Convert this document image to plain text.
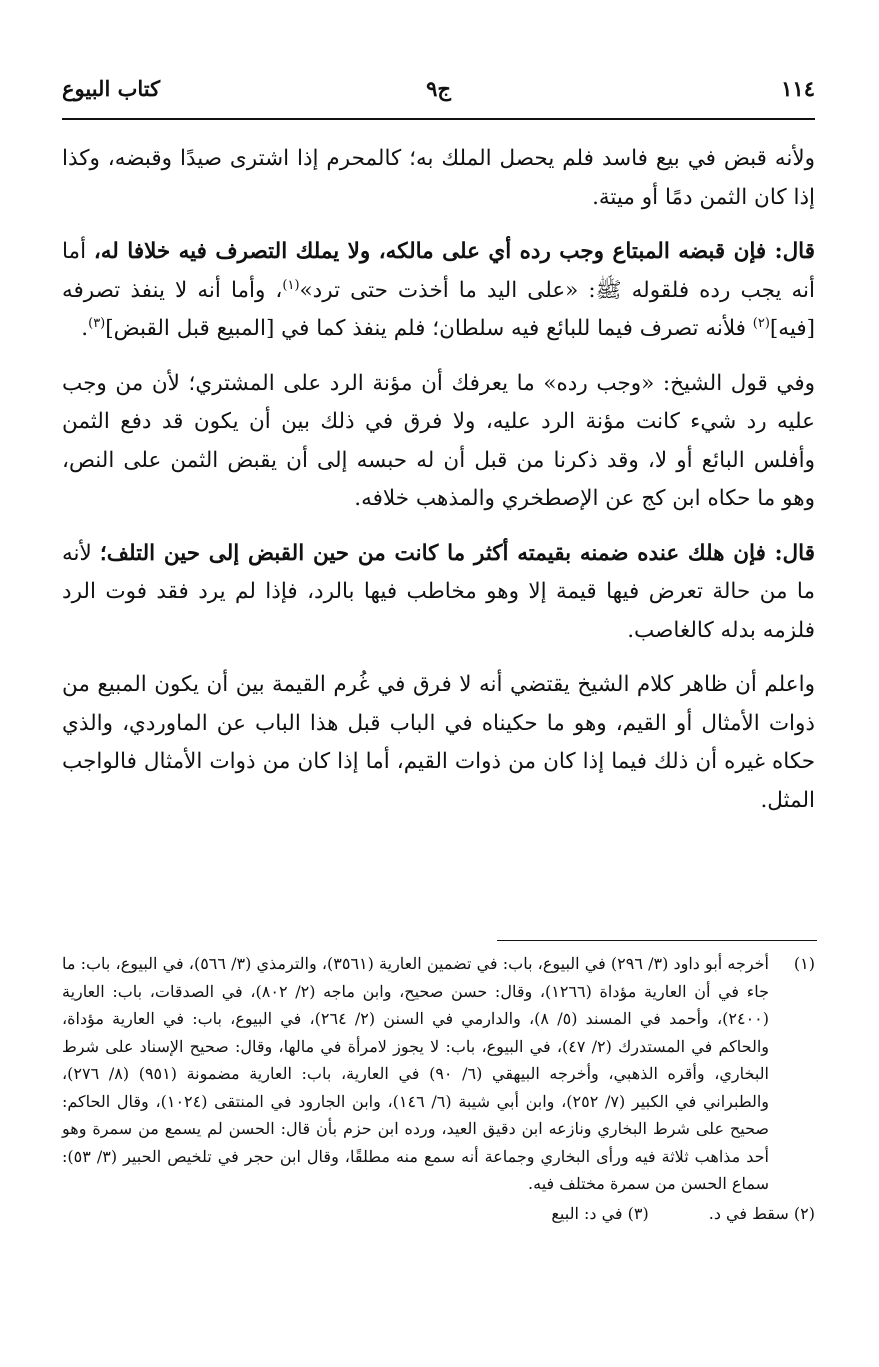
١١٤
ج٩
كتاب البيوع

ولأنه قبض في بيع فاسد فلم يحصل الملك به؛ كالمحرم إذا اشترى صيدًا وقبضه، وكذا إذا كان الثمن دمًا أو ميتة.

قال: فإن قبضه المبتاع وجب رده أي على مالكه، ولا يملك التصرف فيه خلافا له، أما أنه يجب رده فلقوله ﷺ: «على اليد ما أخذت حتى ترد»$^{(١)}$، وأما أنه لا ينفذ تصرفه [فيه]$^{(٢)}$ فلأنه تصرف فيما للبائع فيه سلطان؛ فلم ينفذ كما في [المبيع قبل القبض]$^{(٣)}$.

وفي قول الشيخ: «وجب رده» ما يعرفك أن مؤنة الرد على المشتري؛ لأن من وجب عليه رد شيء كانت مؤنة الرد عليه، ولا فرق في ذلك بين أن يكون قد دفع الثمن وأفلس البائع أو لا، وقد ذكرنا من قبل أن له حبسه إلى أن يقبض الثمن على النص، وهو ما حكاه ابن كج عن الإصطخري والمذهب خلافه.

قال: فإن هلك عنده ضمنه بقيمته أكثر ما كانت من حين القبض إلى حين التلف؛ لأنه ما من حالة تعرض فيها قيمة إلا وهو مخاطب فيها بالرد، فإذا لم يرد فقد فوت الرد فلزمه بدله كالغاصب.

واعلم أن ظاهر كلام الشيخ يقتضي أنه لا فرق في غُرم القيمة بين أن يكون المبيع من ذوات الأمثال أو القيم، وهو ما حكيناه في الباب قبل هذا الباب عن الماوردي، والذي حكاه غيره أن ذلك فيما إذا كان من ذوات القيم، أما إذا كان من ذوات الأمثال فالواجب المثل.

(١)
أخرجه أبو داود (٣/ ٢٩٦) في البيوع، باب: في تضمين العارية (٣٥٦١)، والترمذي (٣/ ٥٦٦)، في البيوع، باب: ما جاء في أن العارية مؤداة (١٢٦٦)، وقال: حسن صحيح، وابن ماجه (٢/ ٨٠٢)، في الصدقات، باب: العارية (٢٤٠٠)، وأحمد في المسند (٥/ ٨)، والدارمي في السنن (٢/ ٢٦٤)، في البيوع، باب: في العارية مؤداة، والحاكم في المستدرك (٢/ ٤٧)، في البيوع، باب: لا يجوز لامرأة في مالها، وقال: صحيح الإسناد على شرط البخاري، وأقره الذهبي، وأخرجه البيهقي (٦/ ٩٠) في العارية، باب: العارية مضمونة (٩٥١) (٨/ ٢٧٦)، والطبراني في الكبير (٧/ ٢٥٢)، وابن أبي شيبة (٦/ ١٤٦)، وابن الجارود في المنتقى (١٠٢٤)، وقال الحاكم: صحيح على شرط البخاري ونازعه ابن دقيق العيد، ورده ابن حزم بأن قال: الحسن لم يسمع من سمرة وهو أحد مذاهب ثلاثة فيه ورأى البخاري وجماعة أنه سمع منه مطلقًا، وقال ابن حجر في تلخيص الحبير (٣/ ٥٣): سماع الحسن من سمرة مختلف فيه.
(٢) سقط في د.
(٣) في د: البيع
